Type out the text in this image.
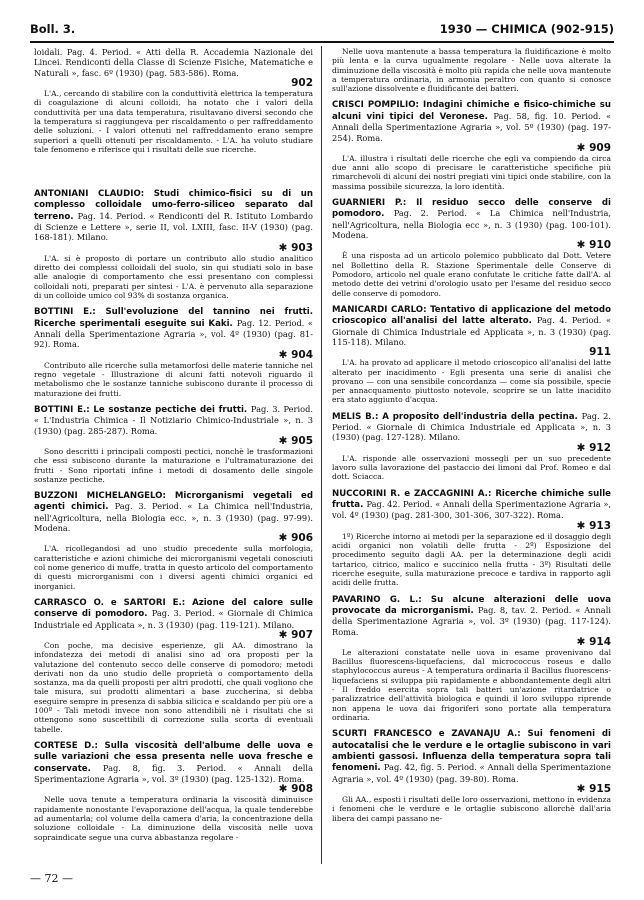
Boll. 3.	1930 — CHIMICA (902-915)
loidali. Pag. 4. Period. « Atti della R. Accademia Nazionale dei Lincei. Rendiconti della Classe di Scienze Fisiche, Matematiche e Naturali », fasc. 6º (1930) (pag. 583-586). Roma.
902
L'A., cercando di stabilire con la conduttività elettrica la temperatura di coagulazione di alcuni colloidi, ha notato che i valori della conduttività per una data temperatura, risultavano diversi secondo che la temperatura si raggiungeva per riscaldamento o per raffreddamento delle soluzioni. - I valori ottenuti nel raffreddamento erano sempre superiori a quelli ottenuti per riscaldamento. - L'A. ha voluto studiare tale fenomeno e riferisce qui i risultati delle sue ricerche.
ANTONIANI CLAUDIO: Studi chimico-fisici su di un complesso colloidale umo-ferro-siliceo separato dal terreno. Pag. 14. Period. « Rendiconti del R. Istituto Lombardo di Scienze e Lettere », serie II, vol. LXIII, fasc. II-V (1930) (pag. 168-181). Milano.
✱ 903
L'A. si è proposto di portare un contributo allo studio analitico diretto dei complessi colloidali del suolo, sin qui studiati solo in base alle analogie di comportamento che essi presentano con complessi colloidali noti, preparati per sintesi - L'A. è pervenuto alla separazione di un colloide umico col 93% di sostanza organica.
BOTTINI E.: Sull'evoluzione del tannino nei frutti. Ricerche sperimentali eseguite sui Kaki. Pag. 12. Period. « Annali della Sperimentazione Agraria », vol. 4º (1930) (pag. 81-92). Roma.
✱ 904
Contributo alle ricerche sulla metamorfosi delle materie tanniche nel regno vegetale - Illustrazione di alcuni fatti notevoli riguardo il metabolismo che le sostanze tanniche subiscono durante il processo di maturazione dei frutti.
BOTTINI E.: Le sostanze pectiche dei frutti. Pag. 3. Period. « L'Industria Chimica - Il Notiziario Chimico-Industriale », n. 3 (1930) (pag. 285-287). Roma.
✱ 905
Sono descritti i principali composti pectici, nonchè le trasformazioni che essi subiscono durante la maturazione e l'ultramaturazione dei frutti - Sono riportati infine i metodi di dosamento delle singole sostanze pectiche.
BUZZONI MICHELANGELO: Microrganismi vegetali ed agenti chimici. Pag. 3. Period. « La Chimica nell'Industria, nell'Agricoltura, nella Biologia ecc. », n. 3 (1930) (pag. 97-99). Modena.
✱ 906
L'A. ricollegandosi ad uno studio precedente sulla morfologia, caratteristiche e azioni chimiche dei microrganismi vegetali conosciuti col nome generico di muffe, tratta in questo articolo del comportamento di questi microrganismi con i diversi agenti chimici organici ed inorganici.
CARRASCO O. e SARTORI E.: Azione del calore sulle conserve di pomodoro. Pag. 3. Period. « Giornale di Chimica Industriale ed Applicata », n. 3 (1930) (pag. 119-121). Milano.
✱ 907
Con poche, ma decisive esperienze, gli AA. dimostrano la infondatezza dei metodi di analisi sino ad ora proposti per la valutazione del contenuto secco delle conserve di pomodoro; metodi derivati non da uno studio delle proprietà o comportamento della sostanza, ma da quelli proposti per altri prodotti, che quali vogliono che tale misura, sui prodotti alimentari a base zuccherina, si debba eseguire sempre in presenza di sabbia silicica e scaldando per più ore a 100º - Tali metodi invece non sono attendibili nè i risultati che si ottengono sono suscettibili di correzione sulla scorta di eventuali tabelle.
CORTESE D.: Sulla viscosità dell'albume delle uova e sulle variazioni che essa presenta nelle uova fresche e conservate. Pag. 8, fig. 3. Period. « Annali della Sperimentazione Agraria », vol. 3º (1930) (pag. 125-132). Roma.
✱ 908
Nelle uova tenute a temperatura ordinaria la viscosità diminuisce rapidamente nonostante l'evaporazione dell'acqua, la quale tenderebbe ad aumentarla; col volume della camera d'aria, la concentrazione della soluzione colloidale - La diminuzione della viscosità nelle uova sopraindicate segue una curva abbastanza regolare -
Nelle uova mantenute a bassa temperatura la fluidificazione è molto più lenta e la curva ugualmente regolare - Nelle uova alterate la diminuzione della viscosità è molto più rapida che nelle uova mantenute a temperatura ordinaria, in armonia peraltro con quanto si conosce sull'azione dissolvente e fluidificante dei batteri.
CRISCI POMPILIO: Indagini chimiche e fisico-chimiche su alcuni vini tipici del Veronese. Pag. 58, fig. 10. Period. « Annali della Sperimentazione Agraria », vol. 5º (1930) (pag. 197-254). Roma.
✱ 909
L'A. illustra i risultati delle ricerche che egli va compiendo da circa due anni allo scopo di precisare le caratteristiche specifiche più rimarchevoli di alcuni dei nostri pregiati vini tipici onde stabilire, con la massima possibile sicurezza, la loro identità.
GUARNIERI P.: Il residuo secco delle conserve di pomodoro. Pag. 2. Period. « La Chimica nell'Industria, nell'Agricoltura, nella Biologia ecc », n. 3 (1930) (pag. 100-101). Modena.
✱ 910
È una risposta ad un articolo polemico pubblicato dal Dott. Vetere nel Bollettino della R. Stazione Sperimentale delle Conserve di Pomodoro, articolo nel quale erano confutate le critiche fatte dall'A. al metodo dette dei vetrini d'orologio usato per l'esame del residuo secco delle conserve di pomodoro.
MANICARDI CARLO: Tentativo di applicazione del metodo crioscopico all'analisi del latte alterato. Pag. 4. Period. « Giornale di Chimica Industriale ed Applicata », n. 3 (1930) (pag. 115-118). Milano.
911
L'A. ha provato ad applicare il metodo crioscopico all'analisi del latte alterato per inacidimento - Egli presenta una serie di analisi che provano — con una sensibile concordanza — come sia possibile, specie per annacquamento piuttosto notevole, scoprire se un latte inacidito era stato aggiunto d'acqua.
MELIS B.: A proposito dell'industria della pectina. Pag. 2. Period. « Giornale di Chimica Industriale ed Applicata », n. 3 (1930) (pag. 127-128). Milano.
✱ 912
L'A. risponde alle osservazioni mossegli per un suo precedente lavoro sulla lavorazione del pastaccio dei limoni dal Prof. Romeo e dal dott. Sciacca.
NUCCORINI R. e ZACCAGNINI A.: Ricerche chimiche sulle frutta. Pag. 42. Period. « Annali della Sperimentazione Agraria », vol. 4º (1930) (pag. 281-300, 301-306, 307-322). Roma.
✱ 913
1º) Ricerche intorno ai metodi per la separazione ed il dosaggio degli acidi organici non volatili delle frutta - 2º) Esposizione del procedimento seguito dagli AA. per la determinazione degli acidi tartarico, citrico, malico e succinico nella frutta - 3º) Risultati delle ricerche eseguite, sulla maturazione precoce e tardiva in rapporto agli acidi delle frutta.
PAVARINO G. L.: Su alcune alterazioni delle uova provocate da microrganismi. Pag. 8, tav. 2. Period. « Annali della Sperimentazione Agraria », vol. 3º (1930) (pag. 117-124). Roma.
✱ 914
Le alterazioni constatate nelle uova in esame provenivano dal Bacillus fluorescens-liquefaciens, dal micrococcus roseus e dallo staphylococcus aureus - A temperatura ordinaria il Bacillus fluorescens-liquefaciens si sviluppa più rapidamente e abbondantemente degli altri - Il freddo esercita sopra tali batteri un'azione ritardatrice o paralizzatrice dell'attività biologica e quindi il loro sviluppo riprende non appena le uova dai frigoriferi sono portate alla temperatura ordinaria.
SCURTI FRANCESCO e ZAVANAJU A.: Sui fenomeni di autocatalisi che le verdure e le ortaglie subiscono in vari ambienti gassosi. Influenza della temperatura sopra tali fenomeni. Pag. 42, fig. 5. Period. « Annali della Sperimentazione Agraria », vol. 4º (1930) (pag. 39-80). Roma.
✱ 915
Gli AA., esposti i risultati delle loro osservazioni, mettono in evidenza i fenomeni che le verdure e le ortaglie subiscono allorchè dall'aria libera dei campi passano ne-
— 72 —
